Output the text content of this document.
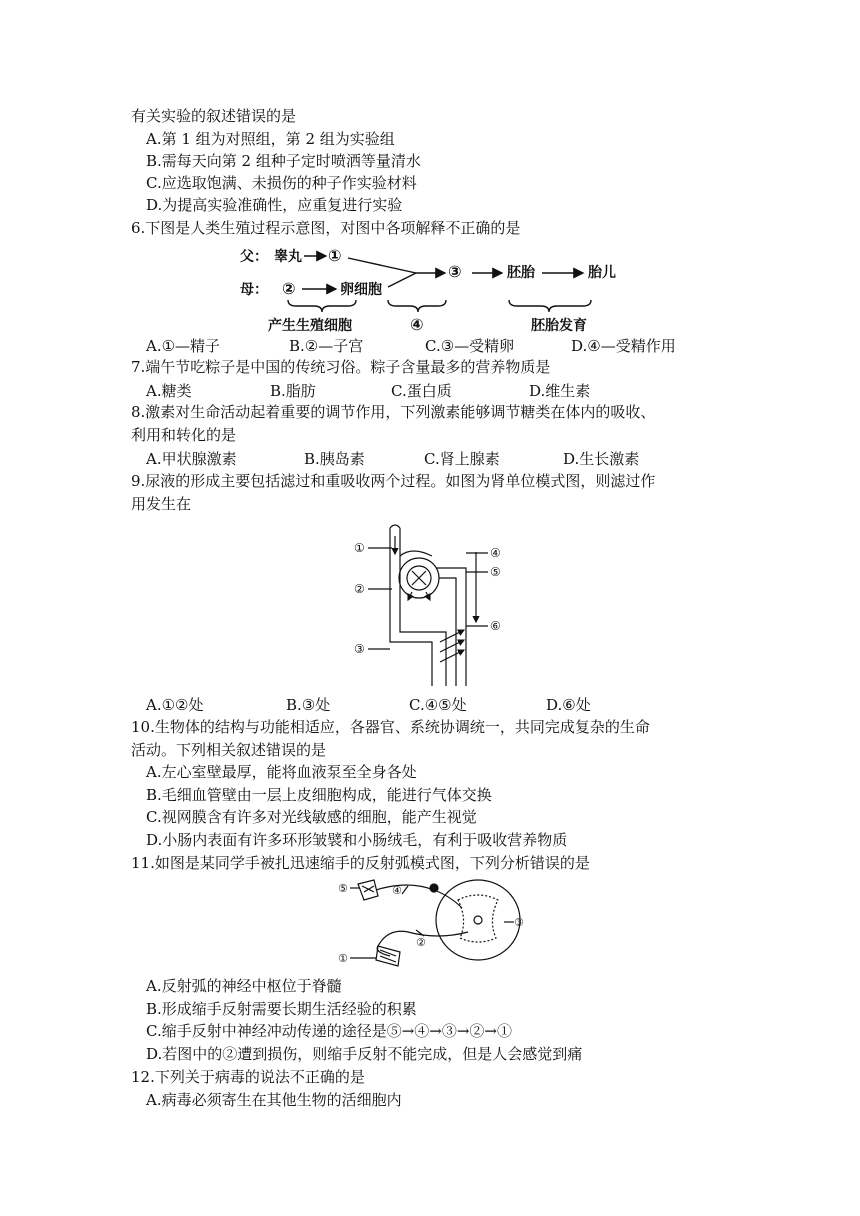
有关实验的叙述错误的是
A.第 1 组为对照组，第 2 组为实验组
B.需每天向第 2 组种子定时喷洒等量清水
C.应选取饱满、未损伤的种子作实验材料
D.为提高实验准确性，应重复进行实验
6.下图是人类生殖过程示意图，对图中各项解释不正确的是
父： 睾丸 ①
母： ②	卵细胞
③	胚胎	胎儿
产生生殖细胞	④	胚胎发育
A.①—精子	B.②—子宫	C.③—受精卵	D.④—受精作用
7.端午节吃粽子是中国的传统习俗。粽子含量最多的营养物质是
A.糖类	B.脂肪	C.蛋白质	D.维生素
8.激素对生命活动起着重要的调节作用，下列激素能够调节糖类在体内的吸收、
利用和转化的是
A.甲状腺激素	B.胰岛素	C.肾上腺素	D.生长激素
9.尿液的形成主要包括滤过和重吸收两个过程。如图为肾单位模式图，则滤过作
用发生在
①
②
③
④
⑤
⑥
A.①②处	B.③处	C.④⑤处	D.⑥处
10.生物体的结构与功能相适应，各器官、系统协调统一，共同完成复杂的生命
活动。下列相关叙述错误的是
A.左心室壁最厚，能将血液泵至全身各处
B.毛细血管壁由一层上皮细胞构成，能进行气体交换
C.视网膜含有许多对光线敏感的细胞，能产生视觉
D.小肠内表面有许多环形皱襞和小肠绒毛，有利于吸收营养物质
11.如图是某同学手被扎迅速缩手的反射弧模式图，下列分析错误的是
⑤	④
③
②
①
A.反射弧的神经中枢位于脊髓
B.形成缩手反射需要长期生活经验的积累
C.缩手反射中神经冲动传递的途径是⑤→④→③→②→①
D.若图中的②遭到损伤，则缩手反射不能完成，但是人会感觉到痛
12.下列关于病毒的说法不正确的是
A.病毒必须寄生在其他生物的活细胞内
